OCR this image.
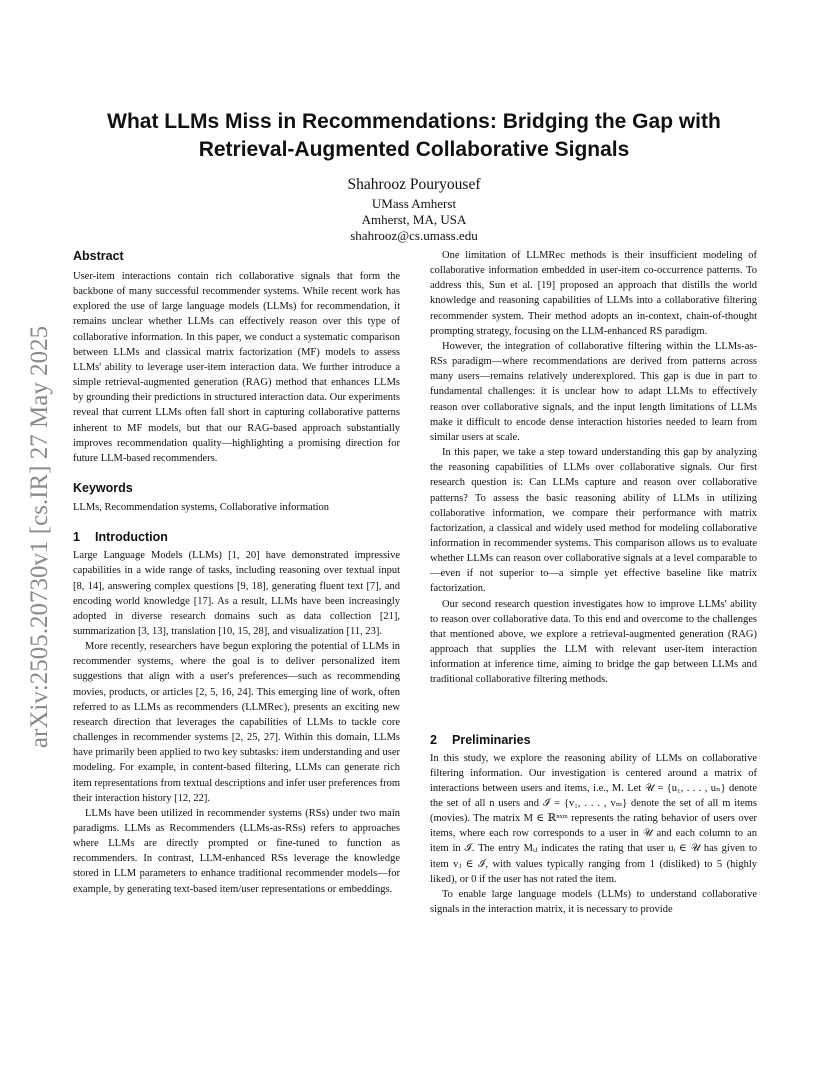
What LLMs Miss in Recommendations: Bridging the Gap with Retrieval-Augmented Collaborative Signals
Shahrooz Pouryousef
UMass Amherst
Amherst, MA, USA
shahrooz@cs.umass.edu
arXiv:2505.20730v1 [cs.IR] 27 May 2025
Abstract

User-item interactions contain rich collaborative signals that form the backbone of many successful recommender systems. While recent work has explored the use of large language models (LLMs) for recommendation, it remains unclear whether LLMs can effectively reason over this type of collaborative information. In this paper, we conduct a systematic comparison between LLMs and classical matrix factorization (MF) models to assess LLMs' ability to leverage user-item interaction data. We further introduce a simple retrieval-augmented generation (RAG) method that enhances LLMs by grounding their predictions in structured interaction data. Our experiments reveal that current LLMs often fall short in capturing collaborative patterns inherent to MF models, but that our RAG-based approach substantially improves recommendation quality—highlighting a promising direction for future LLM-based recommenders.

Keywords

LLMs, Recommendation systems, Collaborative information

1 Introduction

Large Language Models (LLMs) [1, 20] have demonstrated impressive capabilities in a wide range of tasks, including reasoning over textual input [8, 14], answering complex questions [9, 18], generating fluent text [7], and encoding world knowledge [17]. As a result, LLMs have been increasingly adopted in diverse research domains such as data collection [21], summarization [3, 13], translation [10, 15, 28], and visualization [11, 23].

More recently, researchers have begun exploring the potential of LLMs in recommender systems, where the goal is to deliver personalized item suggestions that align with a user's preferences—such as recommending movies, products, or articles [2, 5, 16, 24]. This emerging line of work, often referred to as LLMs as recommenders (LLMRec), presents an exciting new research direction that leverages the capabilities of LLMs to tackle core challenges in recommender systems [2, 25, 27]. Within this domain, LLMs have primarily been applied to two key subtasks: item understanding and user modeling. For example, in content-based filtering, LLMs can generate rich item representations from textual descriptions and infer user preferences from their interaction history [12, 22].

LLMs have been utilized in recommender systems (RSs) under two main paradigms. LLMs as Recommenders (LLMs-as-RSs) refers to approaches where LLMs are directly prompted or fine-tuned to function as recommenders. In contrast, LLM-enhanced RSs leverage the knowledge stored in LLM parameters to enhance traditional recommender models—for example, by generating text-based item/user representations or embeddings.

One limitation of LLMRec methods is their insufficient modeling of collaborative information embedded in user-item co-occurrence patterns. To address this, Sun et al. [19] proposed an approach that distills the world knowledge and reasoning capabilities of LLMs into a collaborative filtering recommender system. Their method adopts an in-context, chain-of-thought prompting strategy, focusing on the LLM-enhanced RS paradigm.

However, the integration of collaborative filtering within the LLMs-as-RSs paradigm—where recommendations are derived from patterns across many users—remains relatively underexplored. This gap is due in part to fundamental challenges: it is unclear how to adapt LLMs to effectively reason over collaborative signals, and the input length limitations of LLMs make it difficult to encode dense interaction histories needed to learn from similar users at scale.

In this paper, we take a step toward understanding this gap by analyzing the reasoning capabilities of LLMs over collaborative signals. Our first research question is: Can LLMs capture and reason over collaborative patterns? To assess the basic reasoning ability of LLMs in utilizing collaborative information, we compare their performance with matrix factorization, a classical and widely used method for modeling collaborative information in recommender systems. This comparison allows us to evaluate whether LLMs can reason over collaborative signals at a level comparable to—even if not superior to—a simple yet effective baseline like matrix factorization.

Our second research question investigates how to improve LLMs' ability to reason over collaborative data. To this end and overcome to the challenges that mentioned above, we explore a retrieval-augmented generation (RAG) approach that supplies the LLM with relevant user-item interaction information at inference time, aiming to bridge the gap between LLMs and traditional collaborative filtering methods.

2 Preliminaries

In this study, we explore the reasoning ability of LLMs on collaborative filtering information. Our investigation is centered around a matrix of interactions between users and items, i.e., M. Let 𝒰 = {u₁, . . . , uₙ} denote the set of all n users and ℐ = {v₁, . . . , vₘ} denote the set of all m items (movies). The matrix M ∈ ℝⁿˣᵐ represents the rating behavior of users over items, where each row corresponds to a user in 𝒰 and each column to an item in ℐ. The entry Mᵢⱼ indicates the rating that user uᵢ ∈ 𝒰 has given to item vⱼ ∈ ℐ, with values typically ranging from 1 (disliked) to 5 (highly liked), or 0 if the user has not rated the item.

To enable large language models (LLMs) to understand collaborative signals in the interaction matrix, it is necessary to provide
